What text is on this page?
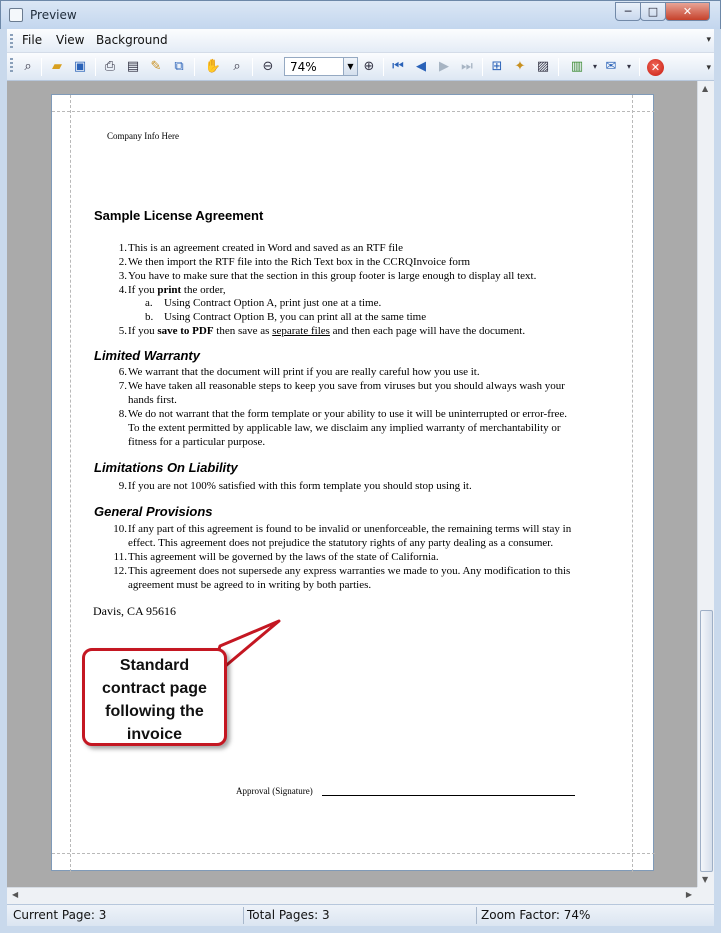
Preview	─	□	✕
File View Background	▾
⌕	▰ ▣	⎙ ▤ ✎ ⧉	✋ ⌕	⊖	74%	▼ ⊕	⏮ ◀	▶ ⏭	⊞ ✦ ▨ ▥	▾ ✉	▾	✕	▾
Company Info Here
Sample License Agreement
1. This is an agreement created in Word and saved as an RTF file
2. We then import the RTF file into the Rich Text box in the CCRQInvoice form
3. You have to make sure that the section in this group footer is large enough to display all text.
4. If you print the order,
a. Using Contract Option A, print just one at a time.
b. Using Contract Option B, you can print all at the same time
5. If you save to PDF then save as separate files and then each page will have the document.
Limited Warranty
6. We warrant that the document will print if you are really careful how you use it.
7. We have taken all reasonable steps to keep you save from viruses but you should always wash your
hands first.
8. We do not warrant that the form template or your ability to use it will be uninterrupted or error-free.
To the extent permitted by applicable law, we disclaim any implied warranty of merchantability or
fitness for a particular purpose.
Limitations On Liability
9. If you are not 100% satisfied with this form template you should stop using it.
General Provisions
10. If any part of this agreement is found to be invalid or unenforceable, the remaining terms will stay in
effect. This agreement does not prejudice the statutory rights of any party dealing as a consumer.
11. This agreement will be governed by the laws of the state of California.
12. This agreement does not supersede any express warranties we made to you. Any modification to this
agreement must be agreed to in writing by both parties.
Davis, CA 95616
Approval (Signature)
Standard
contract page
following the
invoice
▲
▼
◀	▶
Current Page: 3	Total Pages: 3	Zoom Factor: 74%
